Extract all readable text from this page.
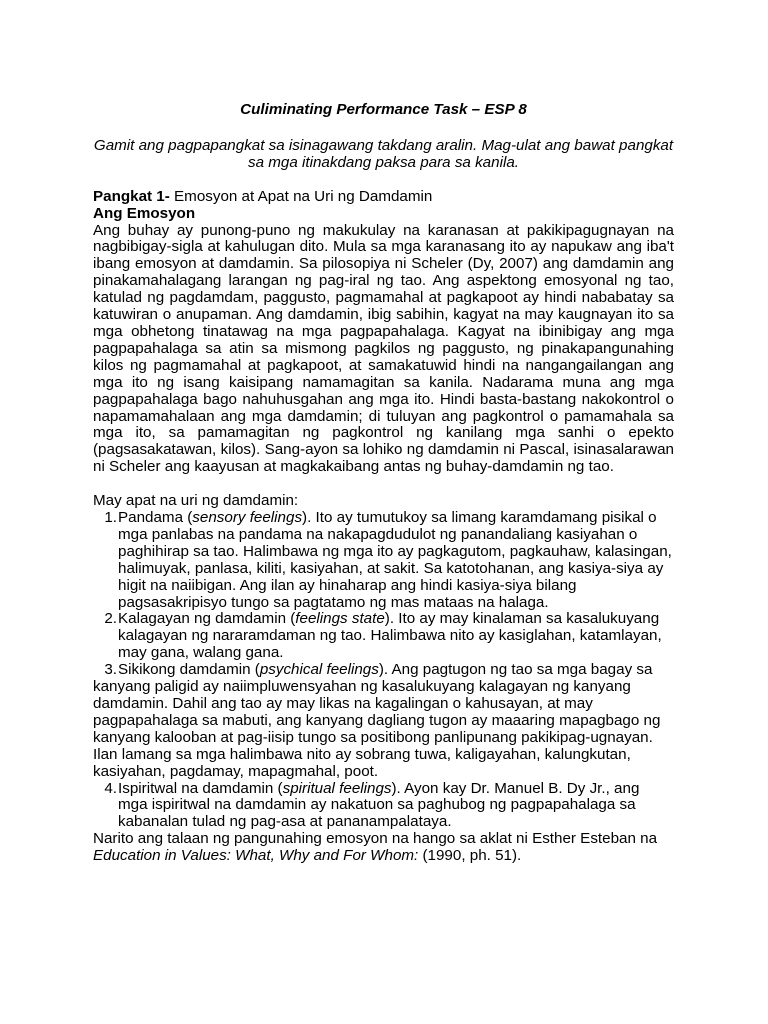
Culiminating Performance Task – ESP 8

Gamit ang pagpapangkat sa isinagawang takdang aralin. Mag-ulat ang bawat pangkat sa mga itinakdang paksa para sa kanila.

Pangkat 1- Emosyon at Apat na Uri ng Damdamin

Ang Emosyon

Ang buhay ay punong-puno ng makukulay na karanasan at pakikipagugnayan na nagbibigay-sigla at kahulugan dito. Mula sa mga karanasang ito ay napukaw ang iba't ibang emosyon at damdamin. Sa pilosopiya ni Scheler (Dy, 2007) ang damdamin ang pinakamahalagang larangan ng pag-iral ng tao. Ang aspektong emosyonal ng tao, katulad ng pagdamdam, paggusto, pagmamahal at pagkapoot ay hindi nababatay sa katuwiran o anupaman. Ang damdamin, ibig sabihin, kagyat na may kaugnayan ito sa mga obhetong tinatawag na mga pagpapahalaga. Kagyat na ibinibigay ang mga pagpapahalaga sa atin sa mismong pagkilos ng paggusto, ng pinakapangunahing kilos ng pagmamahal at pagkapoot, at samakatuwid hindi na nangangailangan ang mga ito ng isang kaisipang namamagitan sa kanila. Nadarama muna ang mga pagpapahalaga bago nahuhusgahan ang mga ito. Hindi basta-bastang nakokontrol o napamamahalaan ang mga damdamin; di tuluyan ang pagkontrol o pamamahala sa mga ito, sa pamamagitan ng pagkontrol ng kanilang mga sanhi o epekto (pagsasakatawan, kilos). Sang-ayon sa lohiko ng damdamin ni Pascal, isinasalarawan ni Scheler ang kaayusan at magkakaibang antas ng buhay-damdamin ng tao.

May apat na uri ng damdamin:

1. Pandama (sensory feelings). Ito ay tumutukoy sa limang karamdamang pisikal o mga panlabas na pandama na nakapagdudulot ng panandaliang kasiyahan o paghihirap sa tao. Halimbawa ng mga ito ay pagkagutom, pagkauhaw, kalasingan, halimuyak, panlasa, kiliti, kasiyahan, at sakit. Sa katotohanan, ang kasiya-siya ay higit na naiibigan. Ang ilan ay hinaharap ang hindi kasiya-siya bilang pagsasakripisyo tungo sa pagtatamo ng mas mataas na halaga.
2. Kalagayan ng damdamin (feelings state). Ito ay may kinalaman sa kasalukuyang kalagayan ng nararamdaman ng tao. Halimbawa nito ay kasiglahan, katamlayan, may gana, walang gana.
3. Sikikong damdamin (psychical feelings). Ang pagtugon ng tao sa mga bagay sa
kanyang paligid ay naiimpluwensyahan ng kasalukuyang kalagayan ng kanyang damdamin. Dahil ang tao ay may likas na kagalingan o kahusayan, at may pagpapahalaga sa mabuti, ang kanyang dagliang tugon ay maaaring mapagbago ng kanyang kalooban at pag-iisip tungo sa positibong panlipunang pakikipag-ugnayan. Ilan lamang sa mga halimbawa nito ay sobrang tuwa, kaligayahan, kalungkutan, kasiyahan, pagdamay, mapagmahal, poot.
4. Ispiritwal na damdamin (spiritual feelings). Ayon kay Dr. Manuel B. Dy Jr., ang mga ispiritwal na damdamin ay nakatuon sa paghubog ng pagpapahalaga sa kabanalan tulad ng pag-asa at pananampalataya.

Narito ang talaan ng pangunahing emosyon na hango sa aklat ni Esther Esteban na Education in Values: What, Why and For Whom: (1990, ph. 51).
